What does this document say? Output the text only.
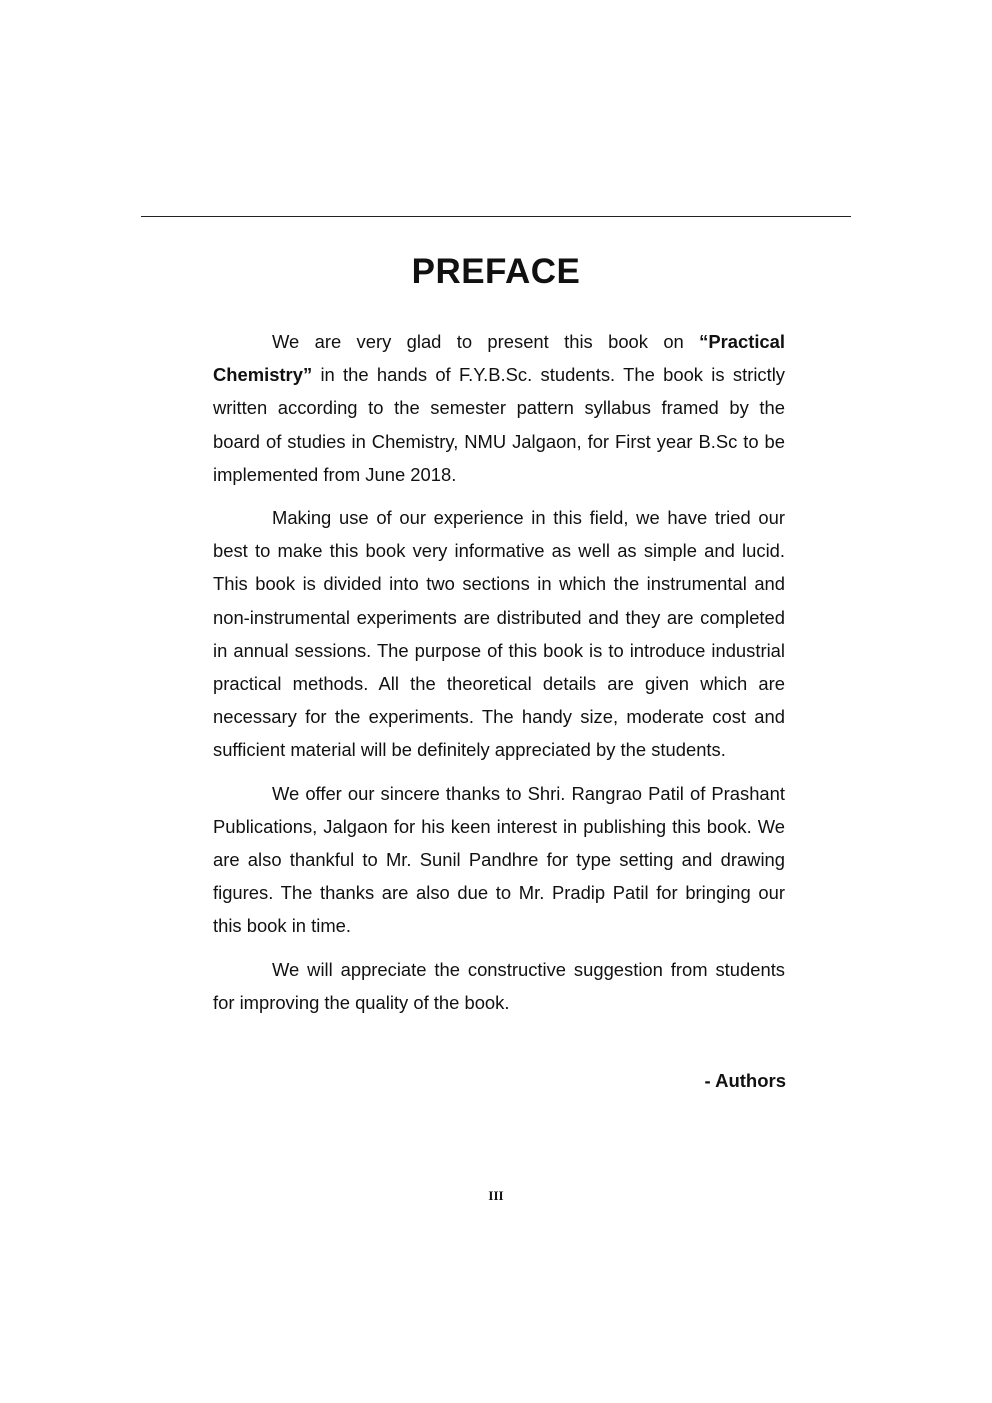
PREFACE

We are very glad to present this book on “Practical Chemistry” in the hands of F.Y.B.Sc. students. The book is strictly written according to the semester pattern syllabus framed by the board of studies in Chemistry, NMU Jalgaon, for First year B.Sc to be implemented from June 2018.

Making use of our experience in this field, we have tried our best to make this book very informative as well as simple and lucid. This book is divided into two sections in which the instrumental and non-instrumental experiments are distributed and they are completed in annual sessions. The purpose of this book is to introduce industrial practical methods. All the theoretical details are given which are necessary for the experiments. The handy size, moderate cost and sufficient material will be definitely appreciated by the students.

We offer our sincere thanks to Shri. Rangrao Patil of Prashant Publications, Jalgaon for his keen interest in publishing this book. We are also thankful to Mr. Sunil Pandhre for type setting and drawing figures. The thanks are also due to Mr. Pradip Patil for bringing our this book in time.

We will appreciate the constructive suggestion from students for improving the quality of the book.

- Authors
III
